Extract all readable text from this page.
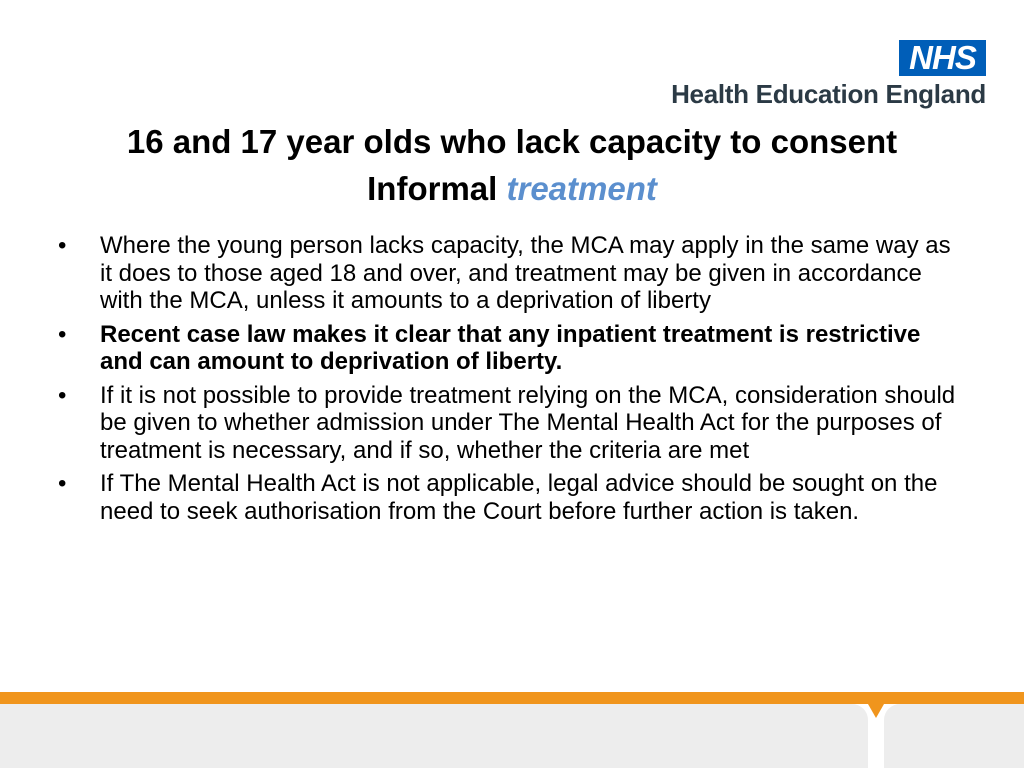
NHS
Health Education England
16 and 17 year olds who lack capacity to consent
Informal treatment
•	Where the young person lacks capacity, the MCA may apply in the same way as it does to those aged 18 and over, and treatment may be given in accordance with the MCA, unless it amounts to a deprivation of liberty
•	Recent case law makes it clear that any inpatient treatment is restrictive and can amount to deprivation of liberty.
•	If it is not possible to provide treatment relying on the MCA, consideration should be given to whether admission under The Mental Health Act for the purposes of treatment is necessary, and if so, whether the criteria are met
•	If The Mental Health Act is not applicable, legal advice should be sought on the need to seek authorisation from the Court before further action is taken.
